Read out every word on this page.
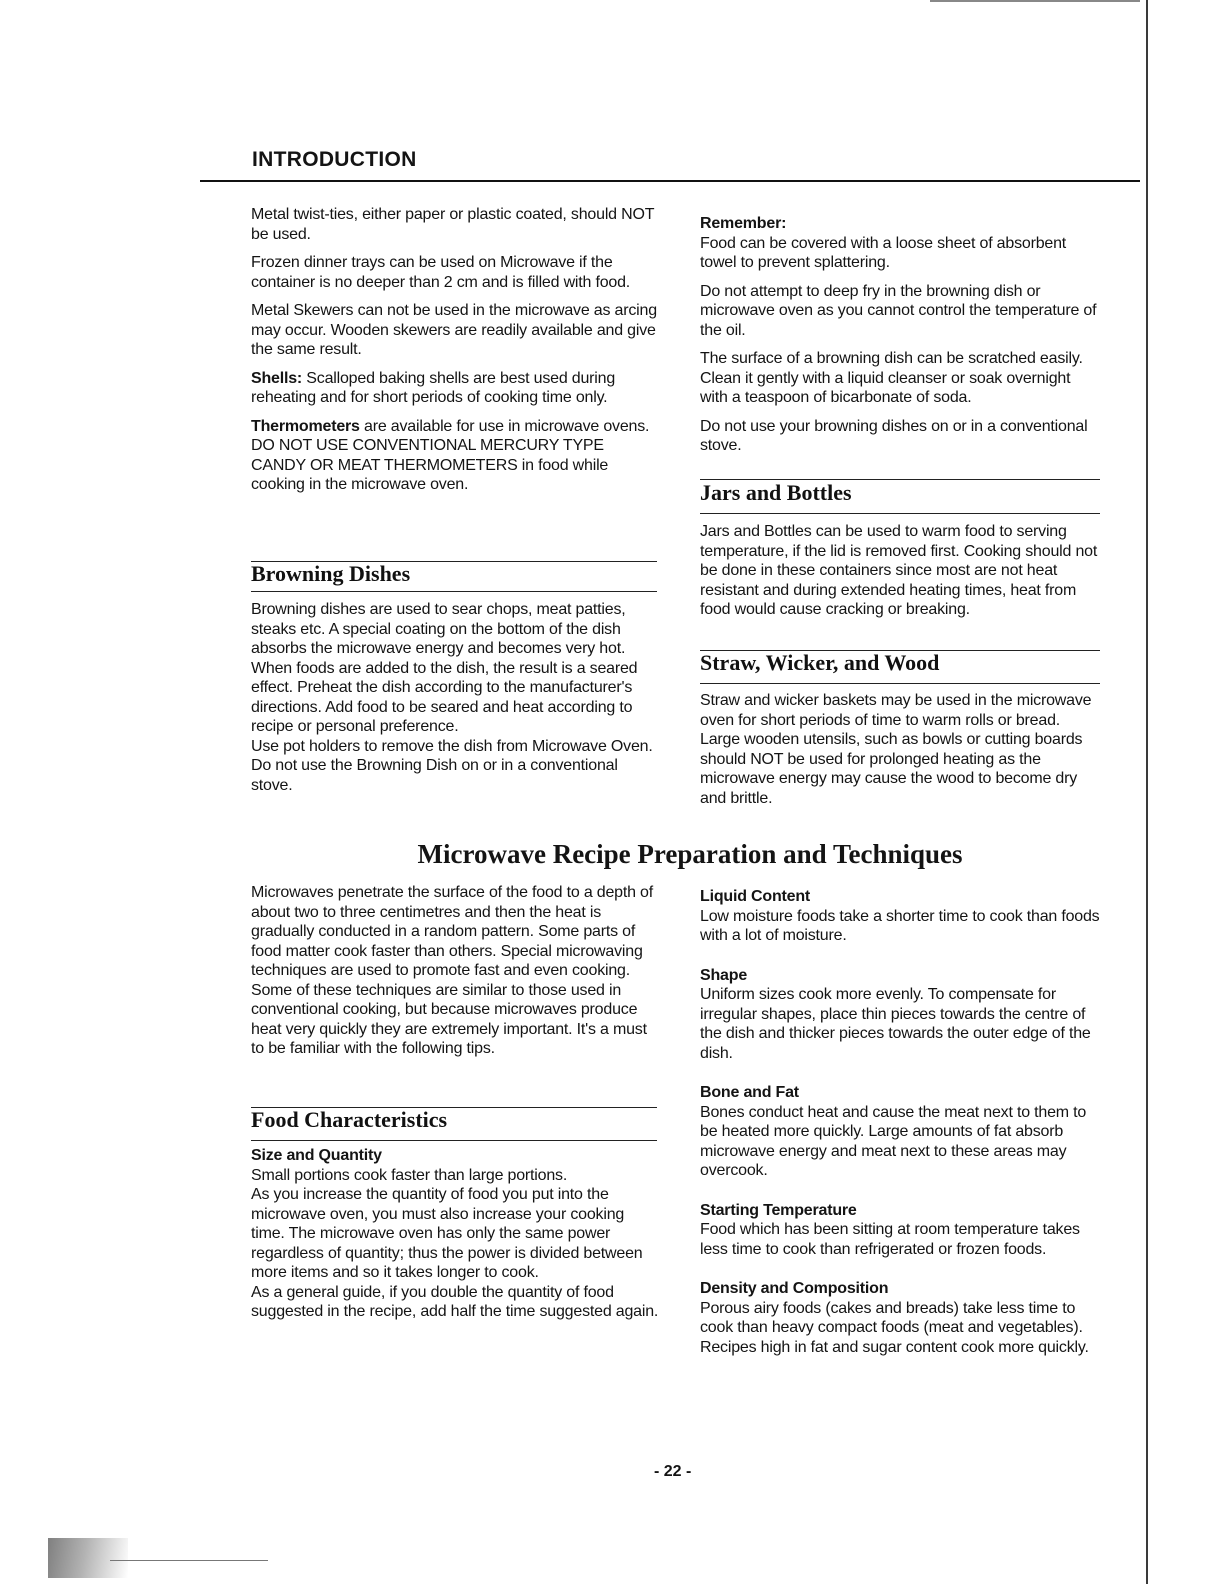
INTRODUCTION

Metal twist-ties, either paper or plastic coated, should NOT be used.

Frozen dinner trays can be used on Microwave if the container is no deeper than 2 cm and is filled with food.

Metal Skewers can not be used in the microwave as arcing may occur. Wooden skewers are readily available and give the same result.

Shells: Scalloped baking shells are best used during reheating and for short periods of cooking time only.

Thermometers are available for use in microwave ovens. DO NOT USE CONVENTIONAL MERCURY TYPE CANDY OR MEAT THERMOMETERS in food while cooking in the microwave oven.

Browning Dishes

Browning dishes are used to sear chops, meat patties, steaks etc. A special coating on the bottom of the dish absorbs the microwave energy and becomes very hot. When foods are added to the dish, the result is a seared effect. Preheat the dish according to the manufacturer's directions. Add food to be seared and heat according to recipe or personal preference.

Use pot holders to remove the dish from Microwave Oven. Do not use the Browning Dish on or in a conventional stove.

Remember:

Food can be covered with a loose sheet of absorbent towel to prevent splattering.

Do not attempt to deep fry in the browning dish or microwave oven as you cannot control the temperature of the oil.

The surface of a browning dish can be scratched easily. Clean it gently with a liquid cleanser or soak overnight with a teaspoon of bicarbonate of soda.

Do not use your browning dishes on or in a conventional stove.

Jars and Bottles

Jars and Bottles can be used to warm food to serving temperature, if the lid is removed first. Cooking should not be done in these containers since most are not heat resistant and during extended heating times, heat from food would cause cracking or breaking.

Straw, Wicker, and Wood

Straw and wicker baskets may be used in the microwave oven for short periods of time to warm rolls or bread. Large wooden utensils, such as bowls or cutting boards should NOT be used for prolonged heating as the microwave energy may cause the wood to become dry and brittle.

Microwave Recipe Preparation and Techniques
Microwaves penetrate the surface of the food to a depth of about two to three centimetres and then the heat is gradually conducted in a random pattern. Some parts of food matter cook faster than others. Special microwaving techniques are used to promote fast and even cooking. Some of these techniques are similar to those used in conventional cooking, but because microwaves produce heat very quickly they are extremely important. It's a must to be familiar with the following tips.
Food Characteristics

Size and Quantity

Small portions cook faster than large portions.

As you increase the quantity of food you put into the microwave oven, you must also increase your cooking time. The microwave oven has only the same power regardless of quantity; thus the power is divided between more items and so it takes longer to cook.

As a general guide, if you double the quantity of food suggested in the recipe, add half the time suggested again.

Liquid Content

Low moisture foods take a shorter time to cook than foods with a lot of moisture.

Shape

Uniform sizes cook more evenly. To compensate for irregular shapes, place thin pieces towards the centre of the dish and thicker pieces towards the outer edge of the dish.

Bone and Fat

Bones conduct heat and cause the meat next to them to be heated more quickly. Large amounts of fat absorb microwave energy and meat next to these areas may overcook.

Starting Temperature

Food which has been sitting at room temperature takes less time to cook than refrigerated or frozen foods.

Density and Composition

Porous airy foods (cakes and breads) take less time to cook than heavy compact foods (meat and vegetables). Recipes high in fat and sugar content cook more quickly.

- 22 -
